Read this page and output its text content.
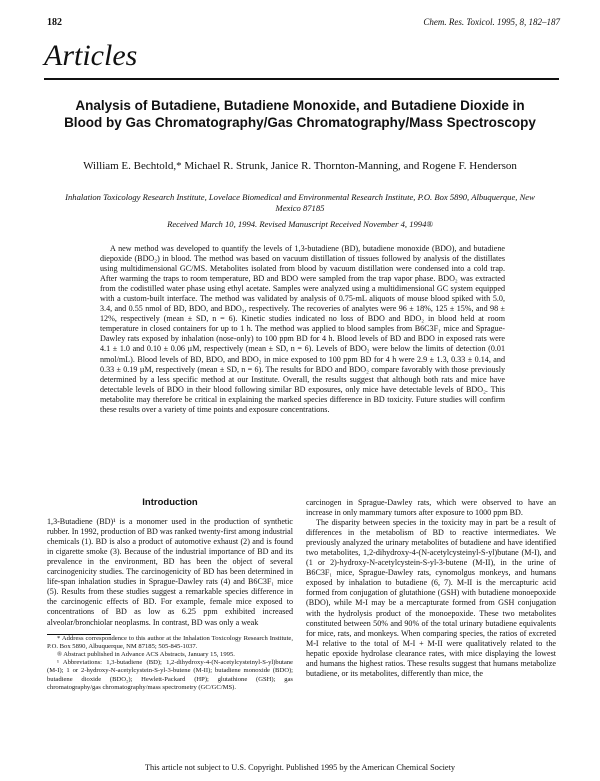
182	Chem. Res. Toxicol. 1995, 8, 182–187
Articles
Analysis of Butadiene, Butadiene Monoxide, and Butadiene Dioxide in Blood by Gas Chromatography/Gas Chromatography/Mass Spectroscopy
William E. Bechtold,* Michael R. Strunk, Janice R. Thornton-Manning, and Rogene F. Henderson
Inhalation Toxicology Research Institute, Lovelace Biomedical and Environmental Research Institute, P.O. Box 5890, Albuquerque, New Mexico 87185
Received March 10, 1994. Revised Manuscript Received November 4, 1994®

A new method was developed to quantify the levels of 1,3-butadiene (BD), butadiene monoxide (BDO), and butadiene diepoxide (BDO₂) in blood. The method was based on vacuum distillation of tissues followed by analysis of the distillates using multidimensional GC/MS. Metabolites isolated from blood by vacuum distillation were condensed into a cold trap. After warming the traps to room temperature, BD and BDO were sampled from the trap vapor phase. BDO₂ was extracted from the codistilled water phase using ethyl acetate. Samples were analyzed using a multidimensional GC system equipped with a custom-built interface. The method was validated by analysis of 0.75-mL aliquots of mouse blood spiked with 5.0, 3.4, and 0.55 nmol of BD, BDO, and BDO₂, respectively. The recoveries of analytes were 96 ± 18%, 125 ± 15%, and 98 ± 12%, respectively (mean ± SD, n = 6). Kinetic studies indicated no loss of BDO and BDO₂ in blood held at room temperature in closed containers for up to 1 h. The method was applied to blood samples from B6C3F₁ mice and Sprague-Dawley rats exposed by inhalation (nose-only) to 100 ppm BD for 4 h. Blood levels of BD and BDO in exposed rats were 4.1 ± 1.0 and 0.10 ± 0.06 µM, respectively (mean ± SD, n = 6). Levels of BDO₂ were below the limits of detection (0.01 nmol/mL). Blood levels of BD, BDO, and BDO₂ in mice exposed to 100 ppm BD for 4 h were 2.9 ± 1.3, 0.33 ± 0.14, and 0.33 ± 0.19 µM, respectively (mean ± SD, n = 6). The results for BDO and BDO₂ compare favorably with those previously determined by a less specific method at our Institute. Overall, the results suggest that although both rats and mice have detectable levels of BDO in their blood following similar BD exposures, only mice have detectable levels of BDO₂. This metabolite may therefore be critical in explaining the marked species difference in BD toxicity. Future studies will confirm these results over a variety of time points and exposure concentrations.

Introduction

1,3-Butadiene (BD)¹ is a monomer used in the production of synthetic rubber. In 1992, production of BD was ranked twenty-first among industrial chemicals (1). BD is also a product of automotive exhaust (2) and is found in cigarette smoke (3). Because of the industrial importance of BD and its prevalence in the environment, BD has been the object of several carcinogenicity studies. The carcinogenicity of BD has been determined in life-span inhalation studies in Sprague-Dawley rats (4) and B6C3F₁ mice (5). Results from these studies suggest a remarkable species difference in the carcinogenic effects of BD. For example, female mice exposed to concentrations of BD as low as 6.25 ppm exhibited increased alveolar/bronchiolar neoplasms. In contrast, BD was only a weak

* Address correspondence to this author at the Inhalation Toxicology Research Institute, P.O. Box 5890, Albuquerque, NM 87185; 505-845-1037.

® Abstract published in Advance ACS Abstracts, January 15, 1995.

¹ Abbreviations: 1,3-butadiene (BD); 1,2-dihydroxy-4-(N-acetylcysteinyl-S-yl)butane (M-I); 1 or 2-hydroxy-N-acetylcystein-S-yl-3-butene (M-II); butadiene monoxide (BDO); butadiene dioxide (BDO₂); Hewlett-Packard (HP); glutathione (GSH); gas chromatography/gas chromatography/mass spectrometry (GC/GC/MS).

carcinogen in Sprague-Dawley rats, which were observed to have an increase in only mammary tumors after exposure to 1000 ppm BD.

The disparity between species in the toxicity may in part be a result of differences in the metabolism of BD to reactive intermediates. We previously analyzed the urinary metabolites of butadiene and have identified two metabolites, 1,2-dihydroxy-4-(N-acetylcysteinyl-S-yl)butane (M-I), and (1 or 2)-hydroxy-N-acetylcystein-S-yl-3-butene (M-II), in the urine of B6C3F₁ mice, Sprague-Dawley rats, cynomolgus monkeys, and humans exposed by inhalation to butadiene (6, 7). M-II is the mercapturic acid formed from conjugation of glutathione (GSH) with butadiene monoepoxide (BDO), while M-I may be a mercapturate formed from GSH conjugation with the hydrolysis product of the monoepoxide. These two metabolites constituted between 50% and 90% of the total urinary butadiene equivalents for mice, rats, and monkeys. When comparing species, the ratios of excreted M-I relative to the total of M-I + M-II were qualitatively related to the hepatic epoxide hydrolase clearance rates, with mice displaying the lowest and humans the highest ratios. These results suggest that humans metabolize butadiene, or its metabolites, differently than mice, the

This article not subject to U.S. Copyright. Published 1995 by the American Chemical Society
